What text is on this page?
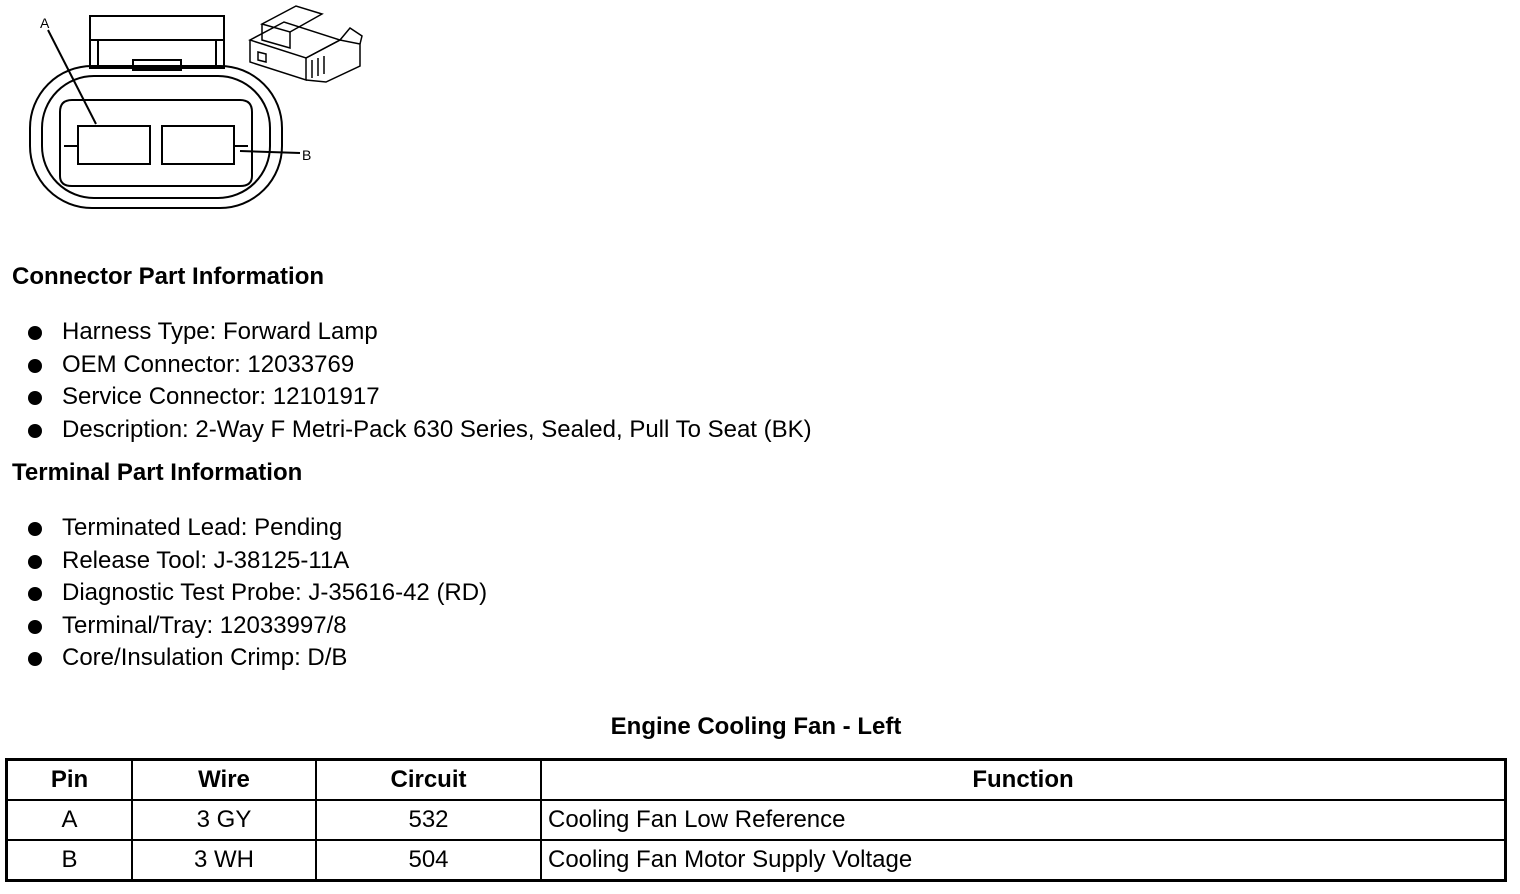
A
B
Connector Part Information
Harness Type: Forward Lamp
OEM Connector: 12033769
Service Connector: 12101917
Description: 2-Way F Metri-Pack 630 Series, Sealed, Pull To Seat (BK)
Terminal Part Information
Terminated Lead: Pending
Release Tool: J-38125-11A
Diagnostic Test Probe: J-35616-42 (RD)
Terminal/Tray: 12033997/8
Core/Insulation Crimp: D/B
Engine Cooling Fan - Left
Pin	Wire	Circuit	Function
A	3 GY	532	Cooling Fan Low Reference
B	3 WH	504	Cooling Fan Motor Supply Voltage
